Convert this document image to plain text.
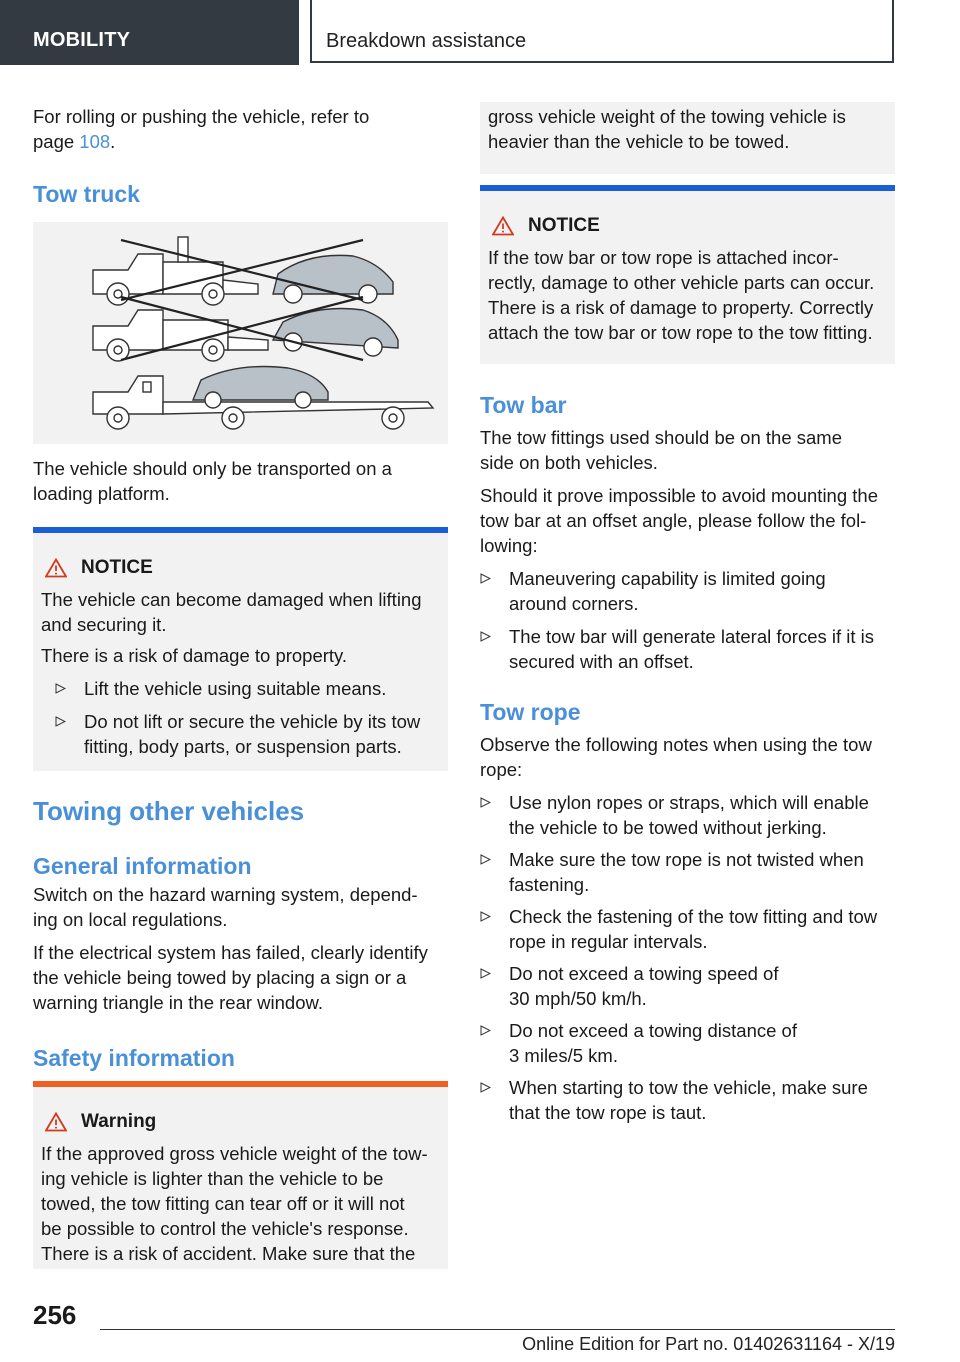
MOBILITY	Breakdown assistance

For rolling or pushing the vehicle, refer to

page 108.

Tow truck

The vehicle should only be transported on a

loading platform.

NOTICE

The vehicle can become damaged when lifting

and securing it.

There is a risk of damage to property.

Lift the vehicle using suitable means.
Do not lift or secure the vehicle by its tow
fitting, body parts, or suspension parts.
Towing other vehicles
General information

Switch on the hazard warning system, depend-

ing on local regulations.

If the electrical system has failed, clearly identify

the vehicle being towed by placing a sign or a

warning triangle in the rear window.

Safety information
Warning

If the approved gross vehicle weight of the tow-

ing vehicle is lighter than the vehicle to be

towed, the tow fitting can tear off or it will not

be possible to control the vehicle's response.

There is a risk of accident. Make sure that the

gross vehicle weight of the towing vehicle is

heavier than the vehicle to be towed.

NOTICE

If the tow bar or tow rope is attached incor-

rectly, damage to other vehicle parts can occur.

There is a risk of damage to property. Correctly

attach the tow bar or tow rope to the tow fitting.

Tow bar

The tow fittings used should be on the same

side on both vehicles.

Should it prove impossible to avoid mounting the

tow bar at an offset angle, please follow the fol-

lowing:

Maneuvering capability is limited going
around corners.
The tow bar will generate lateral forces if it is
secured with an offset.
Tow rope

Observe the following notes when using the tow

rope:

Use nylon ropes or straps, which will enable
the vehicle to be towed without jerking.
Make sure the tow rope is not twisted when
fastening.
Check the fastening of the tow fitting and tow
rope in regular intervals.
Do not exceed a towing speed of
30 mph/50 km/h.
Do not exceed a towing distance of
3 miles/5 km.
When starting to tow the vehicle, make sure
that the tow rope is taut.
256
Online Edition for Part no. 01402631164 - X/19
